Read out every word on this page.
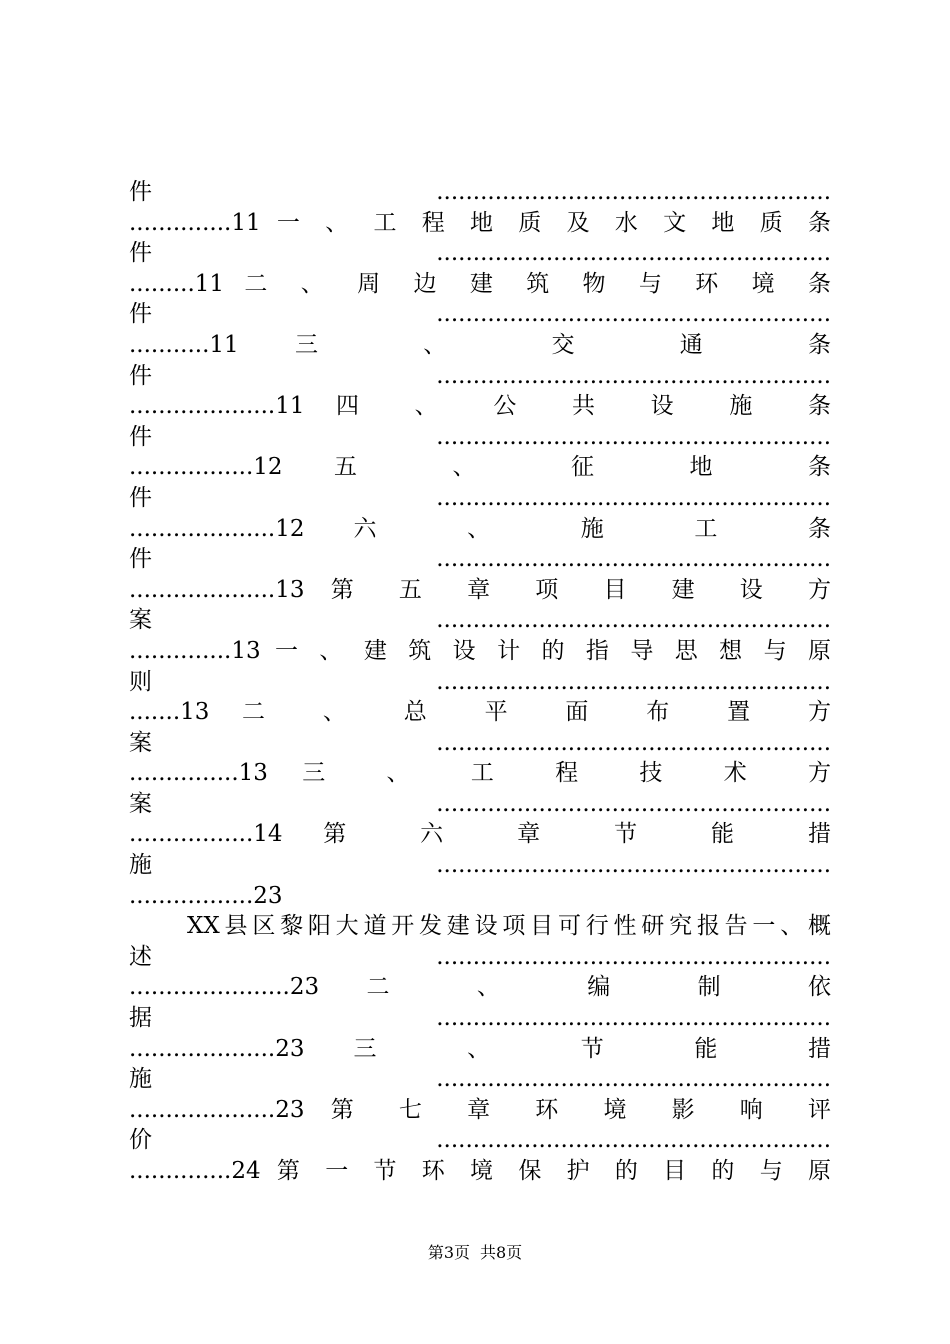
件......................................................
..............11 一 、 工 程 地 质 及 水 文 地 质 条
件......................................................
.........11 二 、 周 边 建 筑 物 与 环 境 条
件......................................................
...........11 三 、 交 通 条
件......................................................
....................11 四 、 公 共 设 施 条
件......................................................
.................12 五 、 征 地 条
件......................................................
....................12 六 、 施 工 条
件......................................................
....................13 第 五 章 项 目 建 设 方
案......................................................
..............13 一 、 建 筑 设 计 的 指 导 思 想 与 原
则......................................................
.......13 二 、 总 平 面 布 置 方
案......................................................
...............13 三 、 工 程 技 术 方
案......................................................
.................14 第 六 章 节 能 措
施......................................................
.................23
XX县区黎阳大道开发建设项目可行性研究报告一、概
述......................................................
......................23 二 、 编 制 依
据......................................................
....................23 三 、 节 能 措
施......................................................
....................23 第 七 章 环 境 影 响 评
价......................................................
..............24 第 一 节 环 境 保 护 的 目 的 与 原
第3页 共8页
